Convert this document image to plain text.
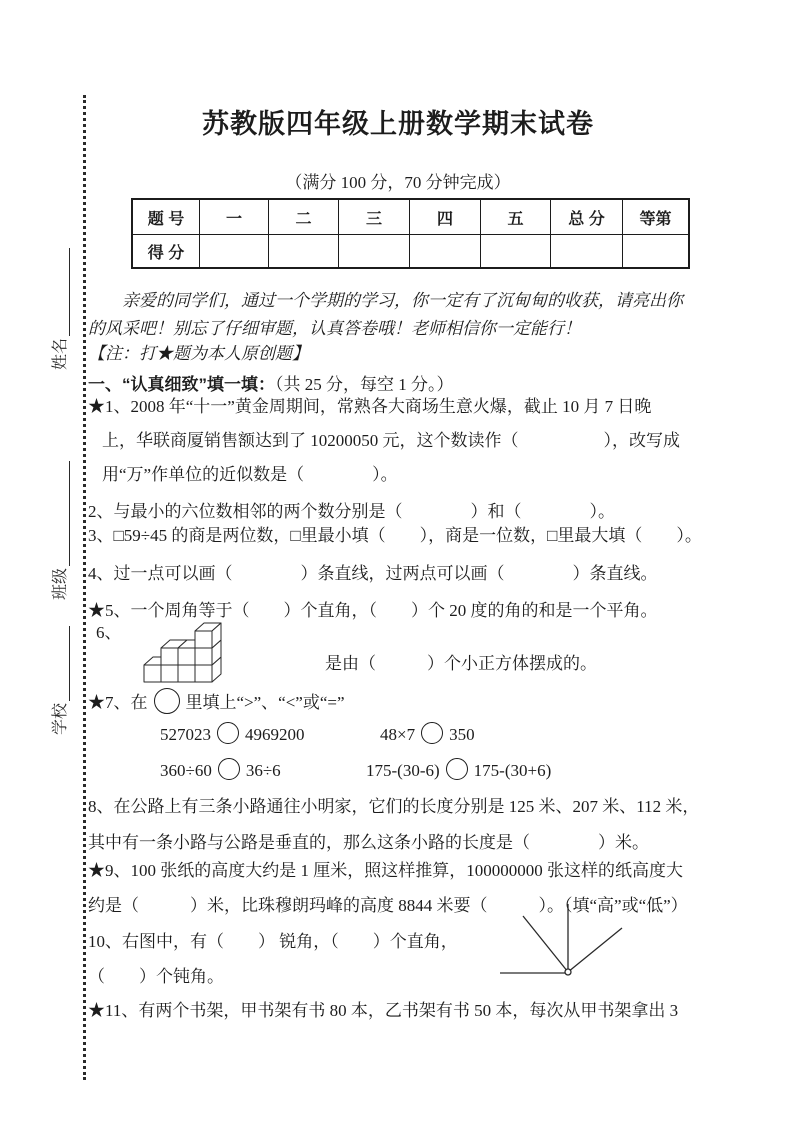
姓名
班级
学校
苏教版四年级上册数学期末试卷
（满分 100 分，70 分钟完成）
题 号	一	二	三	四	五	总 分	等第
得 分							
亲爱的同学们，通过一个学期的学习，你一定有了沉甸甸的收获，请亮出你
的风采吧！别忘了仔细审题，认真答卷哦！老师相信你一定能行！
【注：打★题为本人原创题】
一、“认真细致”填一填：（共 25 分，每空 1 分。）
★1、2008 年“十一”黄金周期间，常熟各大商场生意火爆，截止 10 月 7 日晚
上，华联商厦销售额达到了 10200050 元，这个数读作（　　　　　），改写成
用“万”作单位的近似数是（　　　　）。
2、与最小的六位数相邻的两个数分别是（　　　　）和（　　　　）。
3、□59÷45 的商是两位数，□里最小填（　　），商是一位数，□里最大填（　　）。
4、过一点可以画（　　　　）条直线，过两点可以画（　　　　）条直线。
★5、一个周角等于（　　）个直角，（　　）个 20 度的角的和是一个平角。
6、
是由（　　　）个小正方体摆成的。
★7、在 里填上“>”、“<”或“=”
527023 4969200	48×7 350
360÷60 36÷6	175-(30-6) 175-(30+6)
8、在公路上有三条小路通往小明家，它们的长度分别是 125 米、207 米、112 米，
其中有一条小路与公路是垂直的，那么这条小路的长度是（　　　　）米。
★9、100 张纸的高度大约是 1 厘米，照这样推算，100000000 张这样的纸高度大
约是（　　　）米，比珠穆朗玛峰的高度 8844 米要（　　　）。（填“高”或“低”）
10、右图中，有（　　） 锐角，（　　）个直角，
（　　）个钝角。
★11、有两个书架，甲书架有书 80 本，乙书架有书 50 本，每次从甲书架拿出 3
